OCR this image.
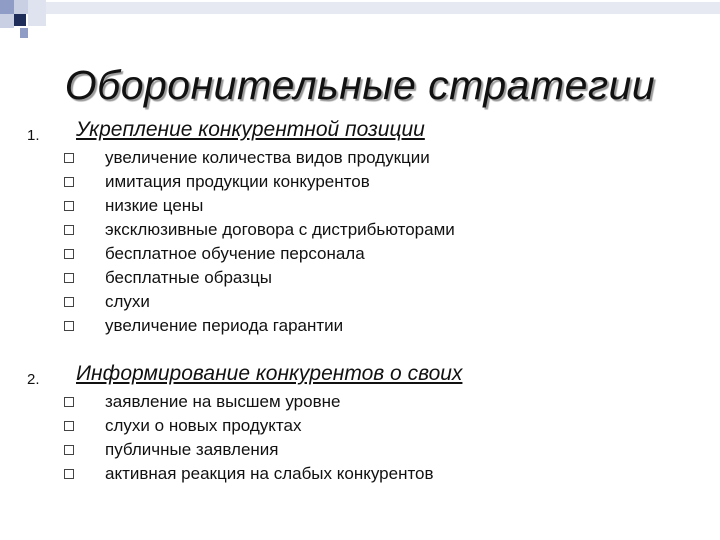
Оборонительные стратегии
1. Укрепление конкурентной позиции
увеличение количества видов продукции
имитация продукции конкурентов
низкие цены
эксклюзивные договора с дистрибьюторами
бесплатное обучение персонала
бесплатные образцы
слухи
увеличение периода гарантии
2. Информирование конкурентов о своих
заявление на высшем уровне
слухи о новых продуктах
публичные заявления
активная реакция на слабых конкурентов
